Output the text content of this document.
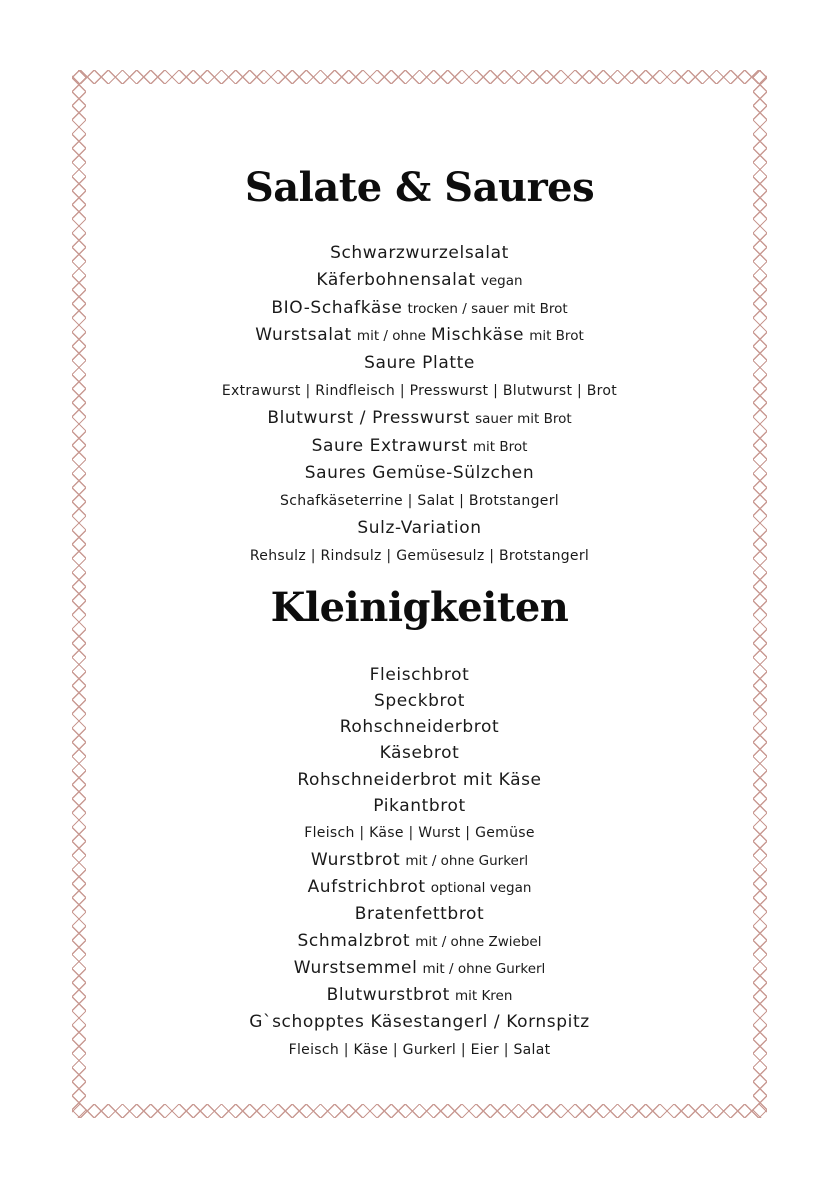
Salate & Saures
Schwarzwurzelsalat
Käferbohnensalat vegan
BIO-Schafkäse trocken / sauer mit Brot
Wurstsalat mit / ohne Mischkäse mit Brot
Saure Platte
Extrawurst | Rindfleisch | Presswurst | Blutwurst | Brot
Blutwurst / Presswurst sauer mit Brot
Saure Extrawurst mit Brot
Saures Gemüse-Sülzchen
Schafkäseterrine | Salat | Brotstangerl
Sulz-Variation
Rehsulz | Rindsulz | Gemüsesulz | Brotstangerl
Kleinigkeiten
Fleischbrot
Speckbrot
Rohschneiderbrot
Käsebrot
Rohschneiderbrot mit Käse
Pikantbrot
Fleisch | Käse | Wurst | Gemüse
Wurstbrot mit / ohne Gurkerl
Aufstrichbrot optional vegan
Bratenfettbrot
Schmalzbrot mit / ohne Zwiebel
Wurstsemmel mit / ohne Gurkerl
Blutwurstbrot mit Kren
G`schopptes Käsestangerl / Kornspitz
Fleisch | Käse | Gurkerl | Eier | Salat
